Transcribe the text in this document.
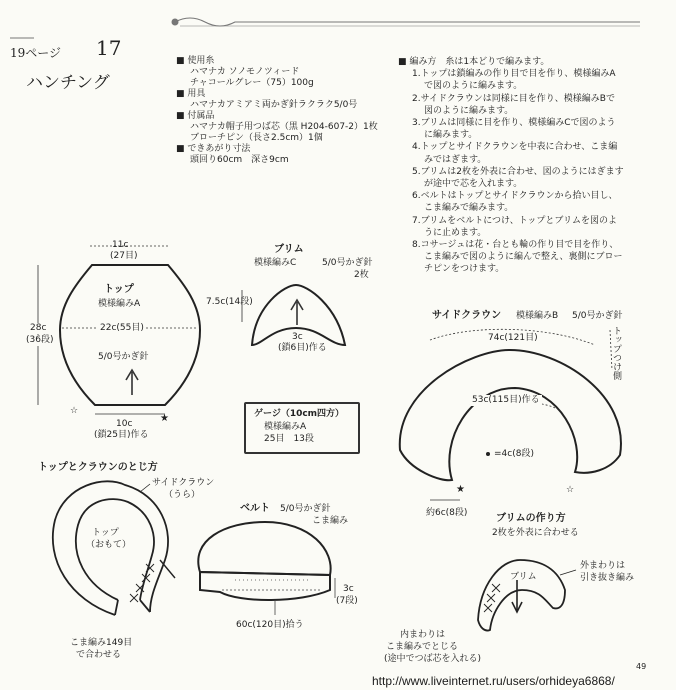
☆
★
★	☆
19ページ 17
ハンチング
■ 使用糸
ハマナカ ソノモノツィード
チャコールグレー（75）100g
■ 用具
ハマナカアミアミ両かぎ針ラクラク5/0号
■ 付属品
ハマナカ帽子用つば芯（黒 H204-607-2）1枚
ブローチピン（長さ2.5cm）1個
■ できあがり寸法
頭回り60cm　深さ9cm
■ 編み方　糸は1本どりで編みます。
1.トップは鎖編みの作り目で目を作り、模様編みA
で図のように編みます。
2.サイドクラウンは同様に目を作り、模様編みBで
図のように編みます。
3.ブリムは同様に目を作り、模様編みCで図のよう
に編みます。
4.トップとサイドクラウンを中表に合わせ、こま編
みではぎます。
5.ブリムは2枚を外表に合わせ、図のようにはぎます
が途中で芯を入れます。
6.ベルトはトップとサイドクラウンから拾い目し、
こま編みで編みます。
7.ブリムをベルトにつけ、トップとブリムを図のよ
うに止めます。
8.コサージュは花・台とも輪の作り目で目を作り、
こま編みで図のように編んで整え、裏側にブロー
チピンをつけます。
11c
(27目)
トップ
模様編みA
22c(55目)
5/0号かぎ針
28c
(36段)
10c
(鎖25目)作る
ブリム
模様編みC	5/0号かぎ針
2枚
7.5c(14段)
3c
(鎖6目)作る
ゲージ（10cm四方）
模様編みA
25目　13段
サイドクラウン 模様編みB 5/0号かぎ針
74c(121目)
53c(115目)作る
=4c(8段)
約6c(8段)
トップつけ側
トップとクラウンのとじ方
サイドクラウン
（うら）
トップ
（おもて）
こま編み149目
で合わせる
ベルト 5/0号かぎ針
こま編み
3c
(7段)
60c(120目)拾う
ブリムの作り方
2枚を外表に合わせる
ブリム
外まわりは
引き抜き編み
内まわりは
こま編みでとじる
(途中でつば芯を入れる)
49
http://www.liveinternet.ru/users/orhideya6868/
